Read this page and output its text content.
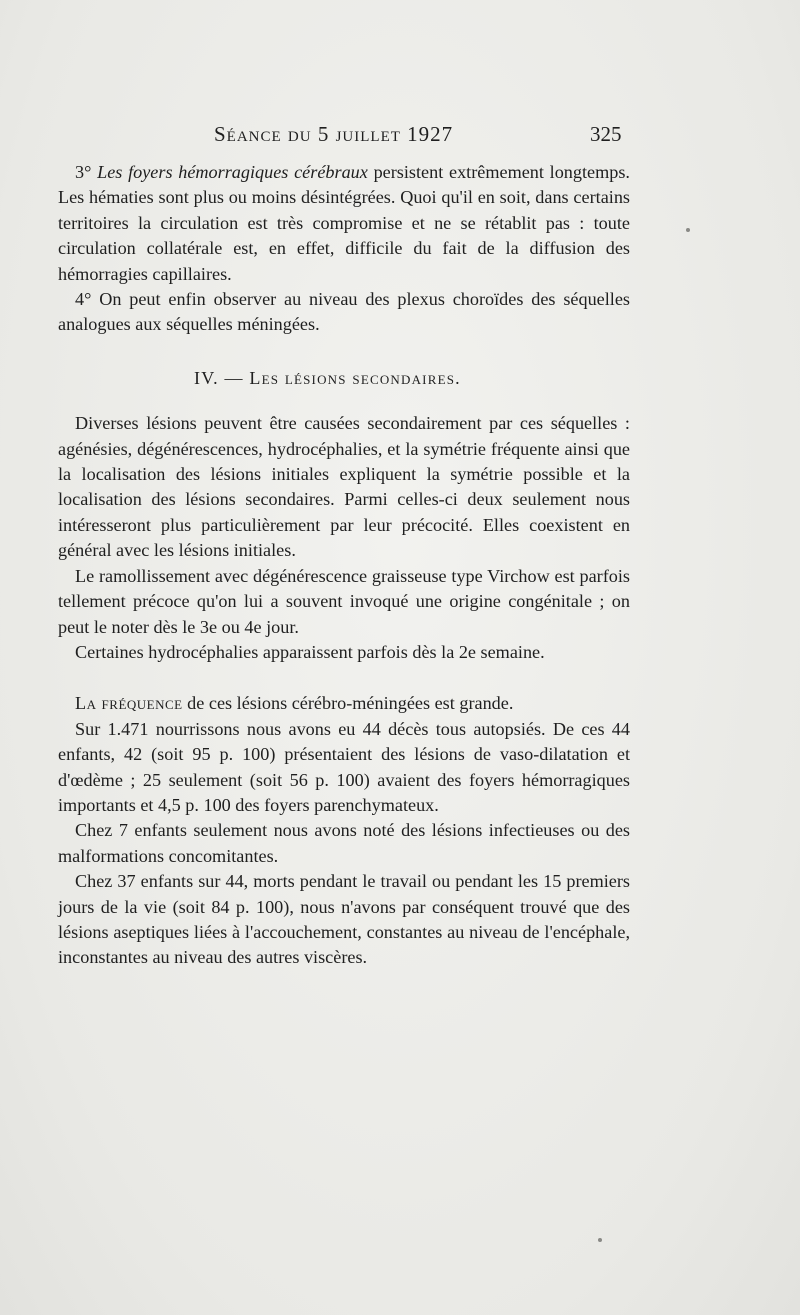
Séance du 5 juillet 1927	325

3° Les foyers hémorragiques cérébraux persistent extrêmement longtemps. Les hématies sont plus ou moins désintégrées. Quoi qu'il en soit, dans certains territoires la circulation est très compromise et ne se rétablit pas : toute circulation collatérale est, en effet, difficile du fait de la diffusion des hémorragies capillaires.

4° On peut enfin observer au niveau des plexus choroïdes des séquelles analogues aux séquelles méningées.

IV. — Les lésions secondaires.

Diverses lésions peuvent être causées secondairement par ces séquelles : agénésies, dégénérescences, hydrocéphalies, et la symétrie fréquente ainsi que la localisation des lésions initiales expliquent la symétrie possible et la localisation des lésions secondaires. Parmi celles-ci deux seulement nous intéresseront plus particulièrement par leur précocité. Elles coexistent en général avec les lésions initiales.

Le ramollissement avec dégénérescence graisseuse type Virchow est parfois tellement précoce qu'on lui a souvent invoqué une origine congénitale ; on peut le noter dès le 3e ou 4e jour.

Certaines hydrocéphalies apparaissent parfois dès la 2e semaine.

La fréquence de ces lésions cérébro-méningées est grande.

Sur 1.471 nourrissons nous avons eu 44 décès tous autopsiés. De ces 44 enfants, 42 (soit 95 p. 100) présentaient des lésions de vaso-dilatation et d'œdème ; 25 seulement (soit 56 p. 100) avaient des foyers hémorragiques importants et 4,5 p. 100 des foyers parenchymateux.

Chez 7 enfants seulement nous avons noté des lésions infectieuses ou des malformations concomitantes.

Chez 37 enfants sur 44, morts pendant le travail ou pendant les 15 premiers jours de la vie (soit 84 p. 100), nous n'avons par conséquent trouvé que des lésions aseptiques liées à l'accouchement, constantes au niveau de l'encéphale, inconstantes au niveau des autres viscères.
